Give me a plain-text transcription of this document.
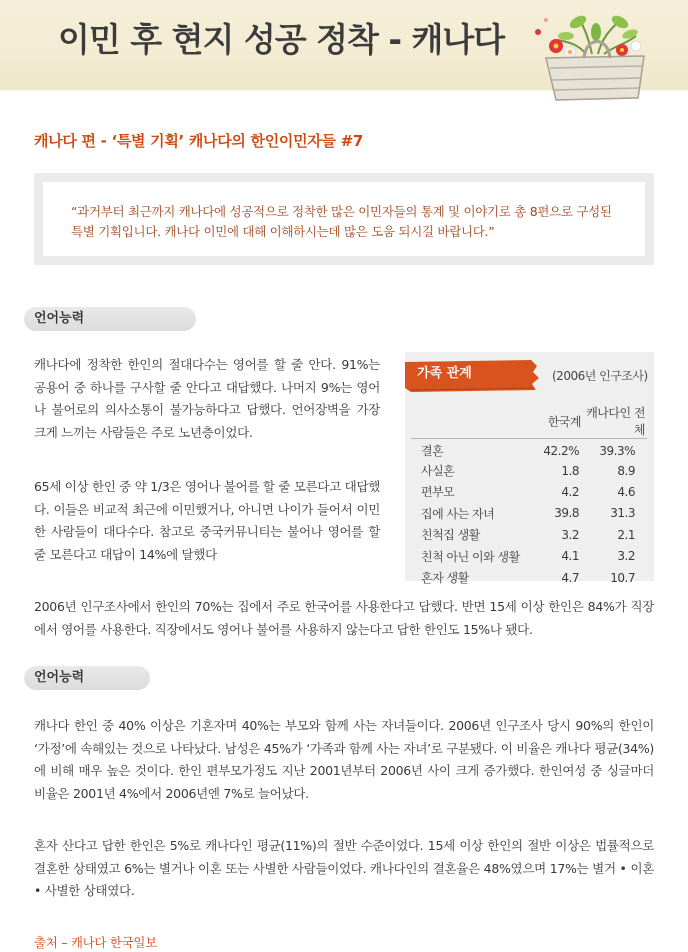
이민 후 현지 성공 정착 - 캐나다
캐나다 편 - ‘특별 기획’ 캐나다의 한인이민자들 #7
“과거부터 최근까지 캐나다에 성공적으로 정착한 많은 이민자들의 통계 및 이야기로 총 8편으로 구성된 특별 기획입니다. 캐나다 이민에 대해 이해하시는데 많은 도움 되시길 바랍니다.”
언어능력

캐나다에 정착한 한인의 절대다수는 영어를 할 줄 안다. 91%는 공용어 중 하나를 구사할 줄 안다고 대답했다. 나머지 9%는 영어나 불어로의 의사소통이 불가능하다고 답했다. 언어장벽을 가장 크게 느끼는 사람들은 주로 노년층이었다.

65세 이상 한인 중 약 1/3은 영어나 불어를 할 줄 모른다고 대답했다. 이들은 비교적 최근에 이민했거나, 아니면 나이가 들어서 이민한 사람들이 대다수다. 참고로 중국커뮤니티는 불어나 영어를 할 줄 모른다고 대답이 14%에 달했다

가족 관계	(2006년 인구조사)
	한국계	캐나다인 전체
결혼	42.2%	39.3%
사실혼	1.8	8.9
편부모	4.2	4.6
집에 사는 자녀	39.8	31.3
친척집 생활	3.2	2.1
친척 아닌 이와 생활	4.1	3.2
혼자 생활	4.7	10.7

2006년 인구조사에서 한인의 70%는 집에서 주로 한국어를 사용한다고 답했다. 반면 15세 이상 한인은 84%가 직장에서 영어를 사용한다. 직장에서도 영어나 불어를 사용하지 않는다고 답한 한인도 15%나 됐다.

언어능력

캐나다 한인 중 40% 이상은 기혼자며 40%는 부모와 함께 사는 자녀들이다. 2006년 인구조사 당시 90%의 한인이 ‘가정’에 속해있는 것으로 나타났다. 남성은 45%가 ‘가족과 함께 사는 자녀’로 구분됐다. 이 비율은 캐나다 평균(34%)에 비해 매우 높은 것이다. 한인 편부모가정도 지난 2001년부터 2006년 사이 크게 증가했다. 한인여성 중 싱글마더 비율은 2001년 4%에서 2006년엔 7%로 늘어났다.

혼자 산다고 답한 한인은 5%로 캐나다인 평균(11%)의 절반 수준이었다. 15세 이상 한인의 절반 이상은 법률적으로 결혼한 상태였고 6%는 별거나 이혼 또는 사별한 사람들이었다. 캐나다인의 결혼율은 48%였으며 17%는 별거 • 이혼 • 사별한 상태였다.

출처 – 캐나다 한국일보
